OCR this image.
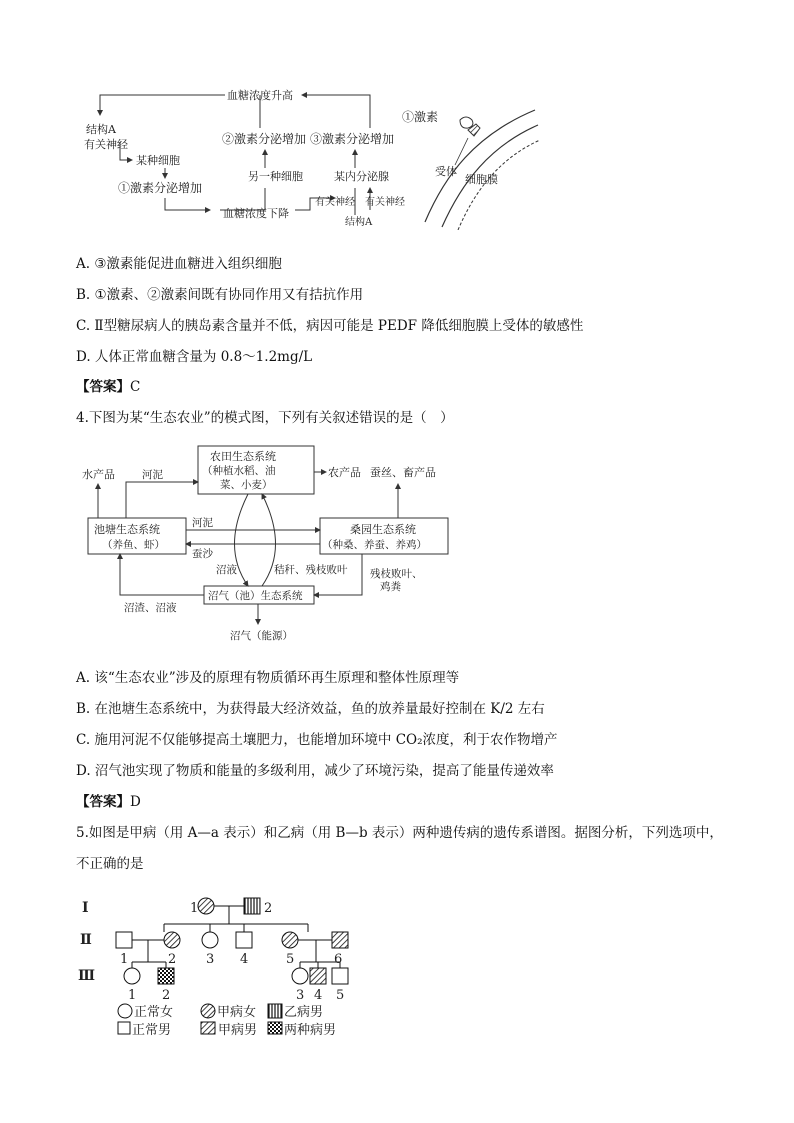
血糖浓度升高
结构A
有关神经
某种细胞
①激素分泌增加
②激素分泌增加 ③激素分泌增加
另一种细胞	某内分泌腺
血糖浓度下降
有关神经 有关神经
结构A
①激素
受体
细胞膜
A. ③激素能促进血糖进入组织细胞
B. ①激素、②激素间既有协同作用又有拮抗作用
C. Ⅱ型糖尿病人的胰岛素含量并不低，病因可能是 PEDF 降低细胞膜上受体的敏感性
D. 人体正常血糖含量为 0.8～1.2mg/L
【答案】C
4.下图为某“生态农业”的模式图，下列有关叙述错误的是（　）
农田生态系统
（种植水稻、油
菜、小麦）
水产品	河泥	农产品 蚕丝、畜产品
池塘生态系统
（养鱼、虾）
桑园生态系统
（种桑、养蚕、养鸡）
河泥
蚕沙
沼液	秸秆、残枝败叶 残枝败叶、
鸡粪
沼气（池）生态系统
沼渣、沼液
沼气（能源）
A. 该“生态农业”涉及的原理有物质循环再生原理和整体性原理等
B. 在池塘生态系统中，为获得最大经济效益，鱼的放养量最好控制在 K/2 左右
C. 施用河泥不仅能够提高土壤肥力，也能增加环境中 CO₂浓度，利于农作物增产
D. 沼气池实现了物质和能量的多级利用，减少了环境污染，提高了能量传递效率
【答案】D
5.如图是甲病（用 A—a 表示）和乙病（用 B—b 表示）两种遗传病的遗传系谱图。据图分析，下列选项中，
不正确的是
Ⅰ
Ⅱ
Ⅲ
1	2
1	2 3 4	5	6
1 2	3 4 5
正常女	甲病女 乙病男
正常男	甲病男 两种病男
